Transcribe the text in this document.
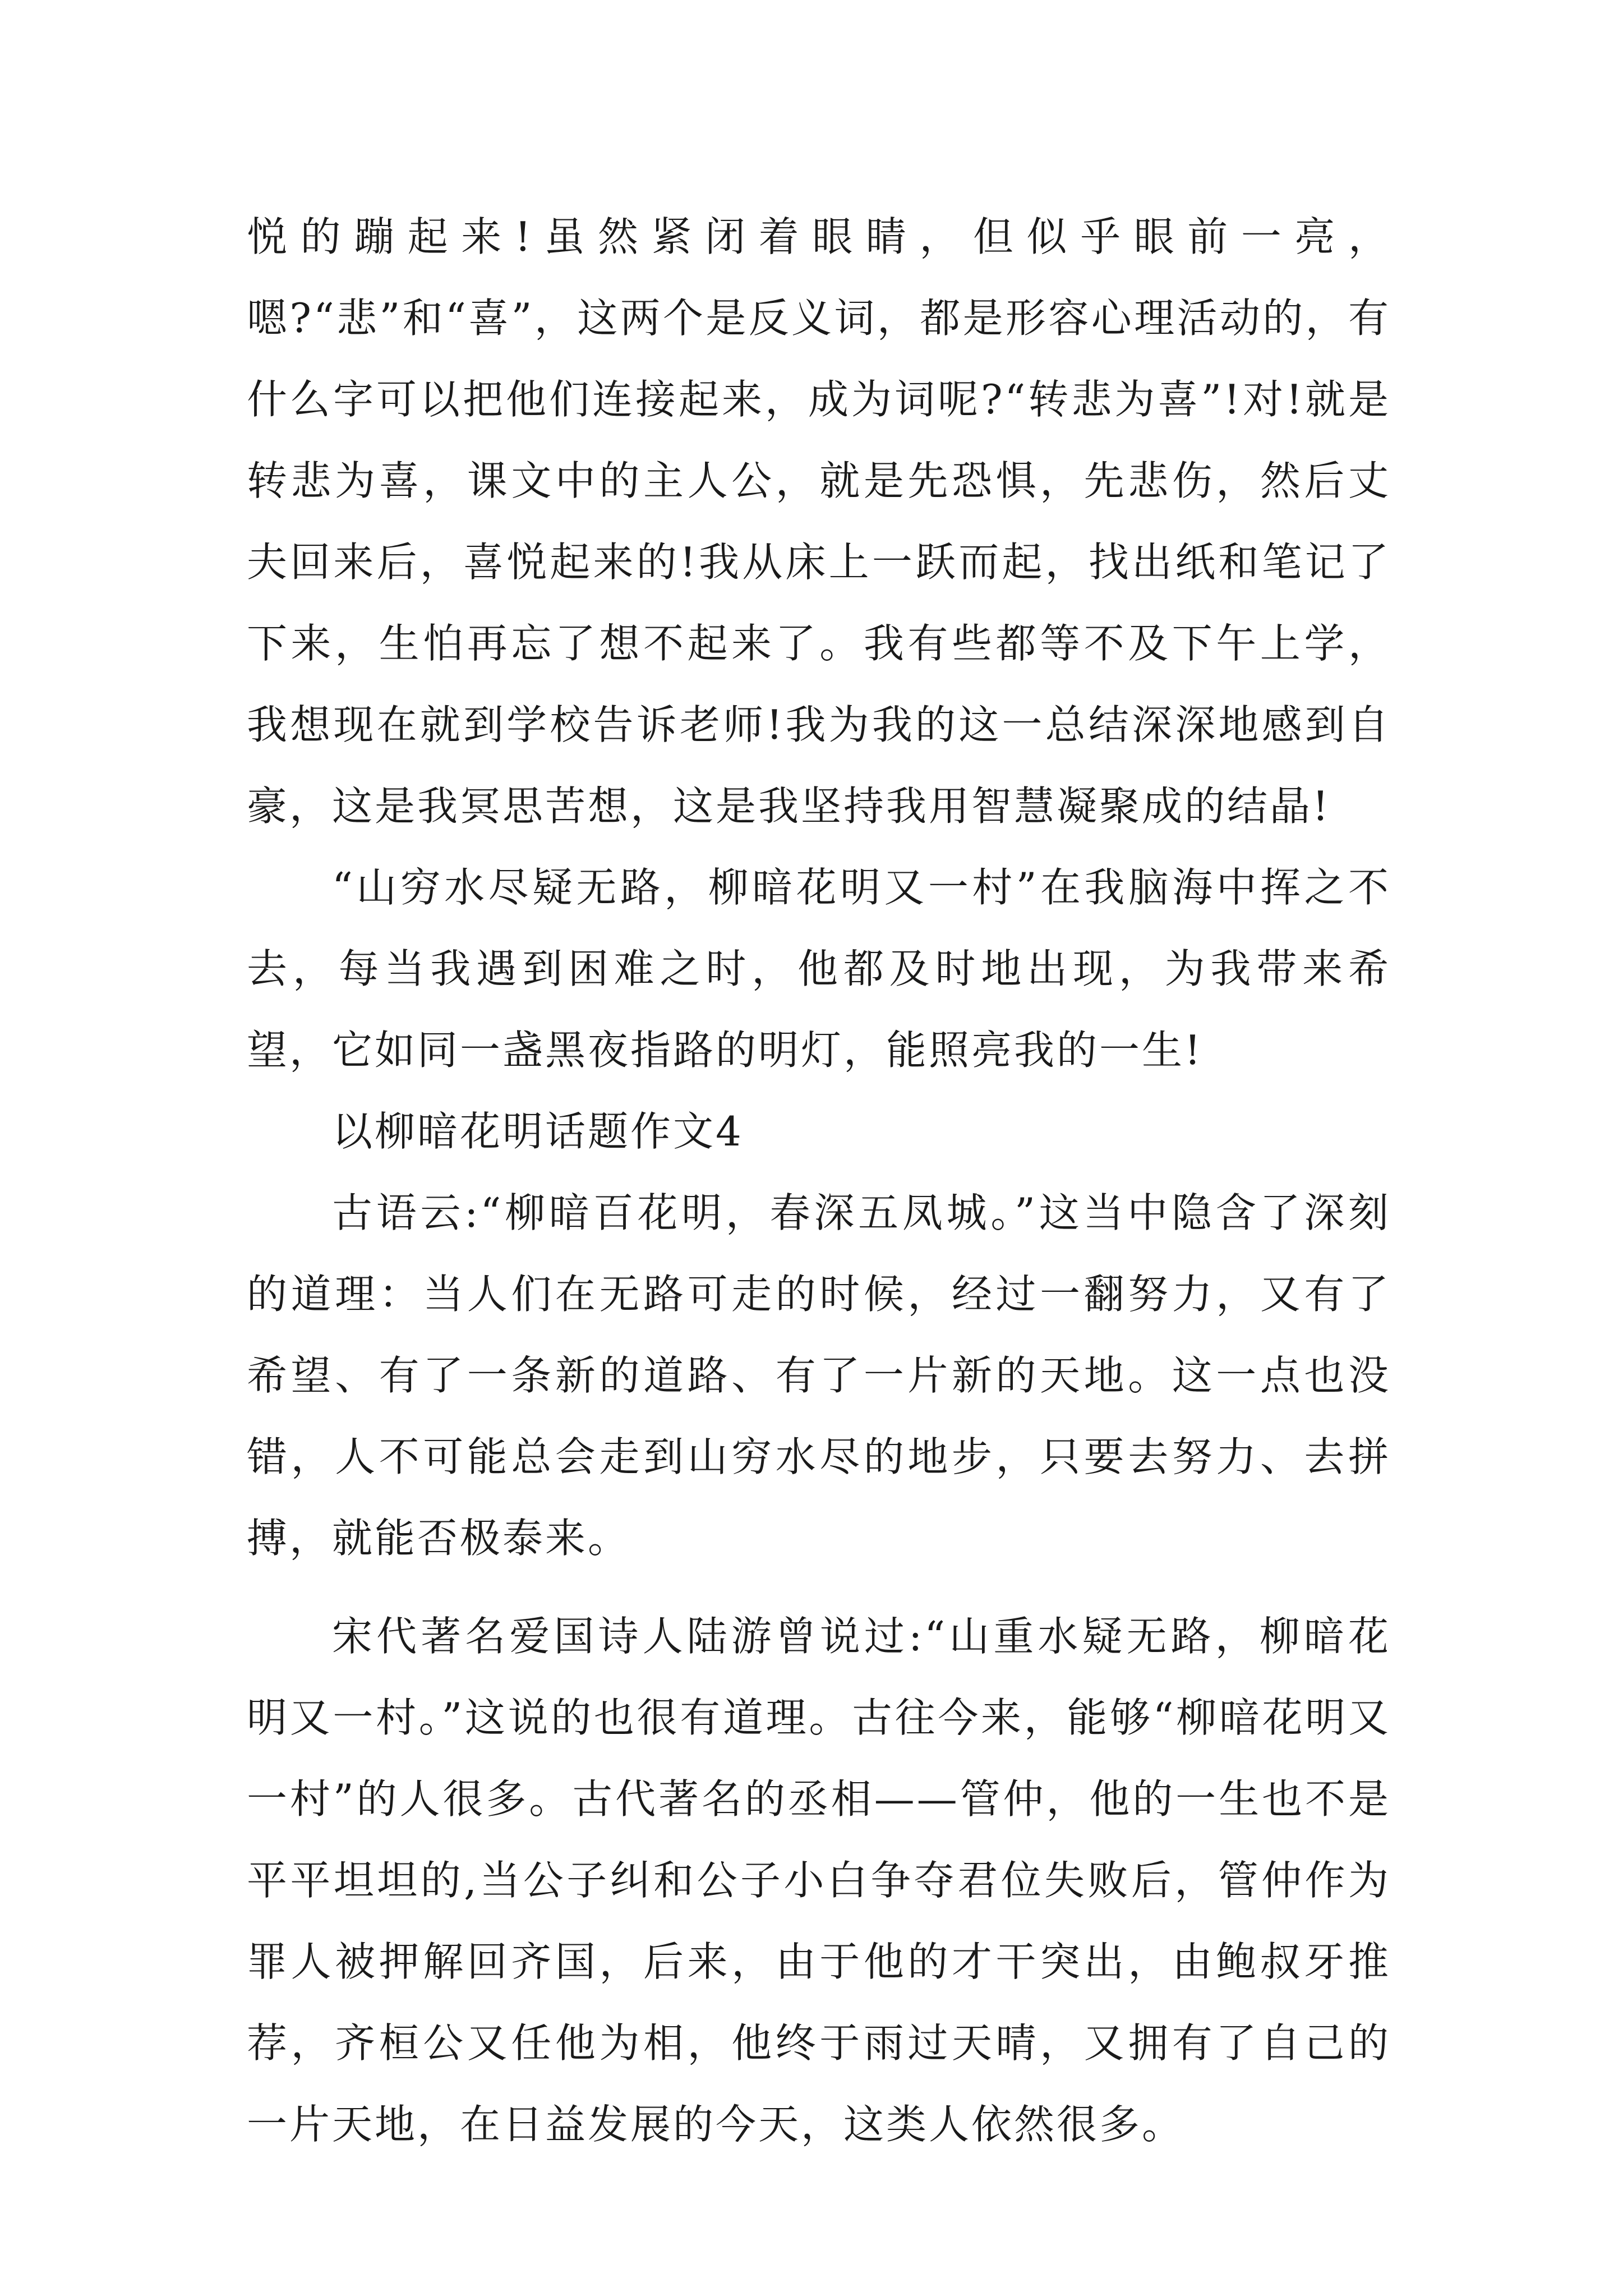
悦的蹦起来!虽然紧闭着眼睛，但似乎眼前一亮，嗯?“悲”和“喜”，这两个是反义词，都是形容心理活动的，有什么字可以把他们连接起来，成为词呢?“转悲为喜”!对!就是转悲为喜，课文中的主人公，就是先恐惧，先悲伤，然后丈夫回来后，喜悦起来的!我从床上一跃而起，找出纸和笔记了下来，生怕再忘了想不起来了。我有些都等不及下午上学，我想现在就到学校告诉老师!我为我的这一总结深深地感到自豪，这是我冥思苦想，这是我坚持我用智慧凝聚成的结晶!

“山穷水尽疑无路，柳暗花明又一村”在我脑海中挥之不去，每当我遇到困难之时，他都及时地出现，为我带来希望，它如同一盏黑夜指路的明灯，能照亮我的一生!

以柳暗花明话题作文4

古语云:“柳暗百花明，春深五凤城。”这当中隐含了深刻的道理：当人们在无路可走的时候，经过一翻努力，又有了希望、有了一条新的道路、有了一片新的天地。这一点也没错，人不可能总会走到山穷水尽的地步，只要去努力、去拼搏，就能否极泰来。

宋代著名爱国诗人陆游曾说过:“山重水疑无路，柳暗花明又一村。”这说的也很有道理。古往今来，能够“柳暗花明又一村”的人很多。古代著名的丞相——管仲，他的一生也不是平平坦坦的,当公子纠和公子小白争夺君位失败后，管仲作为罪人被押解回齐国，后来，由于他的才干突出，由鲍叔牙推荐，齐桓公又任他为相，他终于雨过天晴，又拥有了自己的一片天地，在日益发展的今天，这类人依然很多。
